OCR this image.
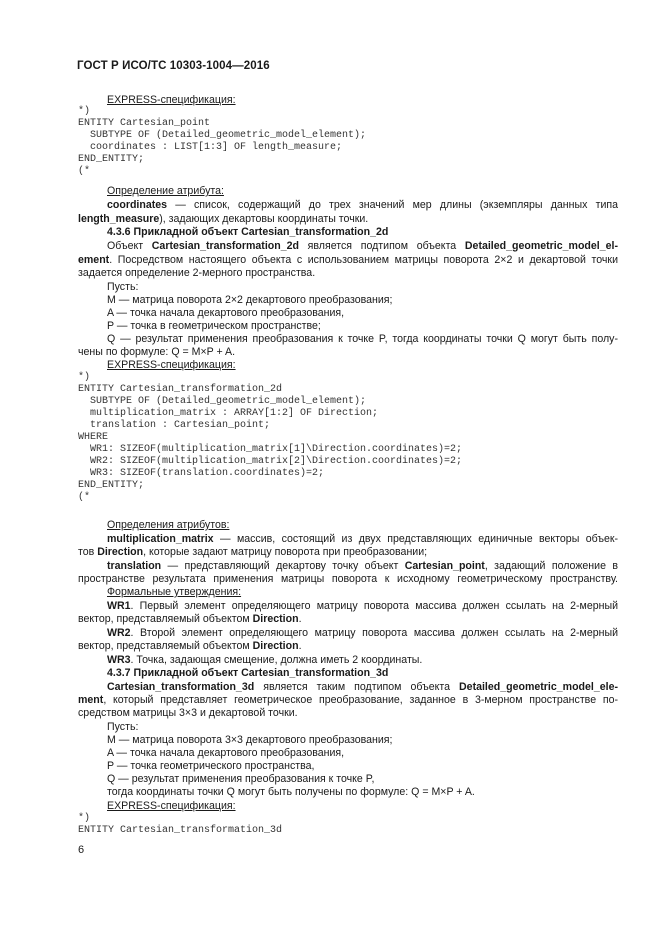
ГОСТ Р ИСО/ТС 10303-1004—2016
EXPRESS-спецификация:
*)
ENTITY Cartesian_point
SUBTYPE OF (Detailed_geometric_model_element);
coordinates : LIST[1:3] OF length_measure;
END_ENTITY;
(*
Определение атрибута:
coordinates — список, содержащий до трех значений мер длины (экземпляры данных типа
length_measure), задающих декартовы координаты точки.
4.3.6 Прикладной объект Cartesian_transformation_2d
Объект Cartesian_transformation_2d является подтипом объекта Detailed_geometric_model_el-
ement. Посредством настоящего объекта с использованием матрицы поворота 2×2 и декартовой точки
задается определение 2-мерного пространства.
Пусть:
M — матрица поворота 2×2 декартового преобразования;
A — точка начала декартового преобразования,
P — точка в геометрическом пространстве;
Q — результат применения преобразования к точке P, тогда координаты точки Q могут быть полу-
чены по формуле: Q = M×P + A.
EXPRESS-спецификация:
*)
ENTITY Cartesian_transformation_2d
SUBTYPE OF (Detailed_geometric_model_element);
multiplication_matrix : ARRAY[1:2] OF Direction;
translation : Cartesian_point;
WHERE
WR1: SIZEOF(multiplication_matrix[1]\Direction.coordinates)=2;
WR2: SIZEOF(multiplication_matrix[2]\Direction.coordinates)=2;
WR3: SIZEOF(translation.coordinates)=2;
END_ENTITY;
(*
Определения атрибутов:
multiplication_matrix — массив, состоящий из двух представляющих единичные векторы объек-
тов Direction, которые задают матрицу поворота при преобразовании;
translation — представляющий декартову точку объект Cartesian_point, задающий положение в
пространстве результата применения матрицы поворота к исходному геометрическому пространству.
Формальные утверждения:
WR1. Первый элемент определяющего матрицу поворота массива должен ссылать на 2-мерный
вектор, представляемый объектом Direction.
WR2. Второй элемент определяющего матрицу поворота массива должен ссылать на 2-мерный
вектор, представляемый объектом Direction.
WR3. Точка, задающая смещение, должна иметь 2 координаты.
4.3.7 Прикладной объект Cartesian_transformation_3d
Cartesian_transformation_3d является таким подтипом объекта Detailed_geometric_model_ele-
ment, который представляет геометрическое преобразование, заданное в 3-мерном пространстве по-
средством матрицы 3×3 и декартовой точки.
Пусть:
M — матрица поворота 3×3 декартового преобразования;
A — точка начала декартового преобразования,
P — точка геометрического пространства,
Q — результат применения преобразования к точке P,
тогда координаты точки Q могут быть получены по формуле: Q = M×P + A.
EXPRESS-спецификация:
*)
ENTITY Cartesian_transformation_3d
6
